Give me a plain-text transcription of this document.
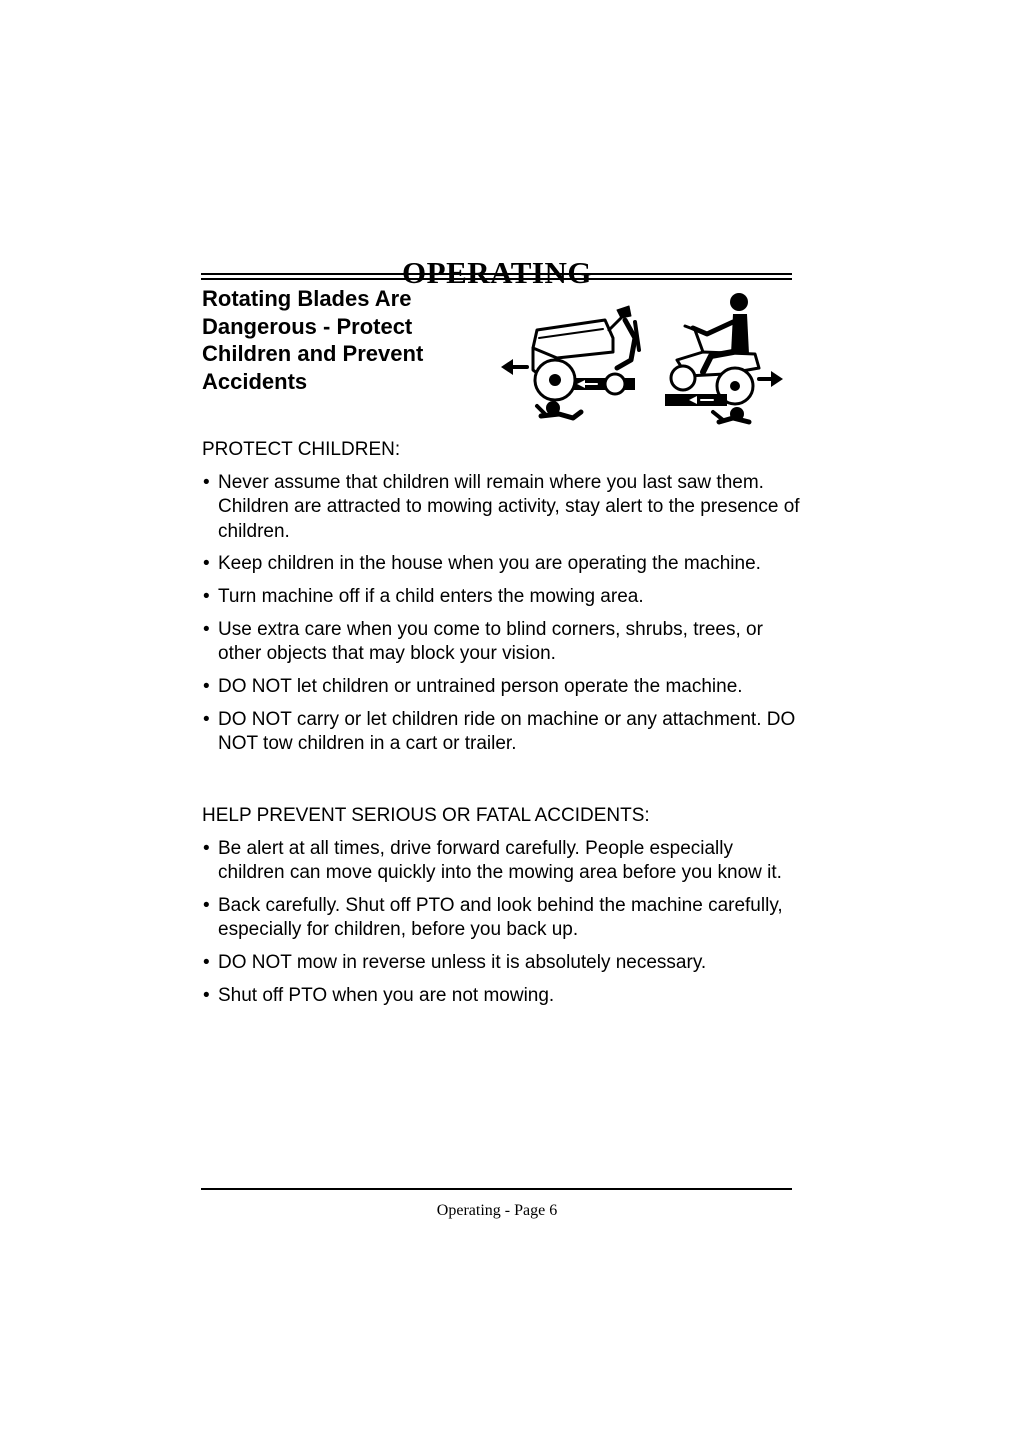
OPERATING
Rotating Blades Are
Dangerous - Protect
Children and Prevent
Accidents
PROTECT CHILDREN:
• Never assume that children will remain where you last saw them. Children are attracted to mowing activity, stay alert to the presence of children.
• Keep children in the house when you are operating the machine.
• Turn machine off if a child enters the mowing area.
• Use extra care when you come to blind corners, shrubs, trees, or other objects that may block your vision.
• DO NOT let children or untrained person operate the machine.
• DO NOT carry or let children ride on machine or any attachment. DO NOT tow children in a cart or trailer.
HELP PREVENT SERIOUS OR FATAL ACCIDENTS:
• Be alert at all times, drive forward carefully. People especially children can move quickly into the mowing area before you know it.
• Back carefully. Shut off PTO and look behind the machine carefully, especially for children, before you back up.
• DO NOT mow in reverse unless it is absolutely necessary.
• Shut off PTO when you are not mowing.
Operating - Page 6
